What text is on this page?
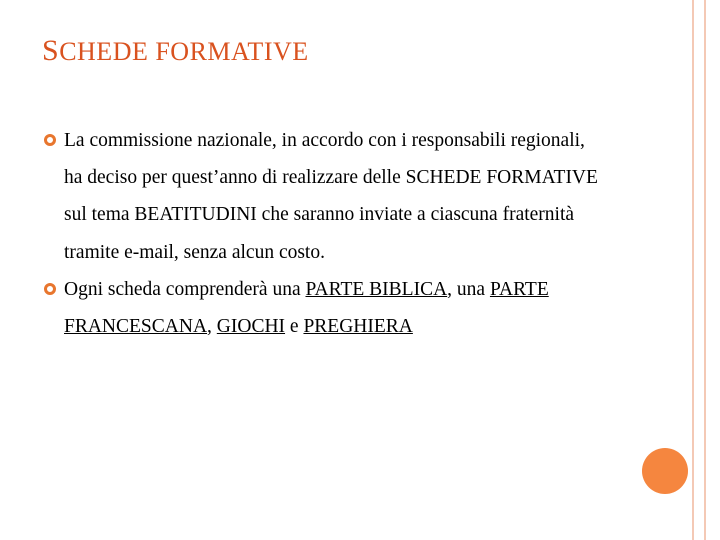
SCHEDE FORMATIVE

La commissione nazionale, in accordo con i responsabili regionali, ha deciso per quest’anno di realizzare delle SCHEDE FORMATIVE sul tema BEATITUDINI che saranno inviate a ciascuna fraternità tramite e-mail, senza alcun costo.

Ogni scheda comprenderà una PARTE BIBLICA, una PARTE FRANCESCANA, GIOCHI e PREGHIERA
